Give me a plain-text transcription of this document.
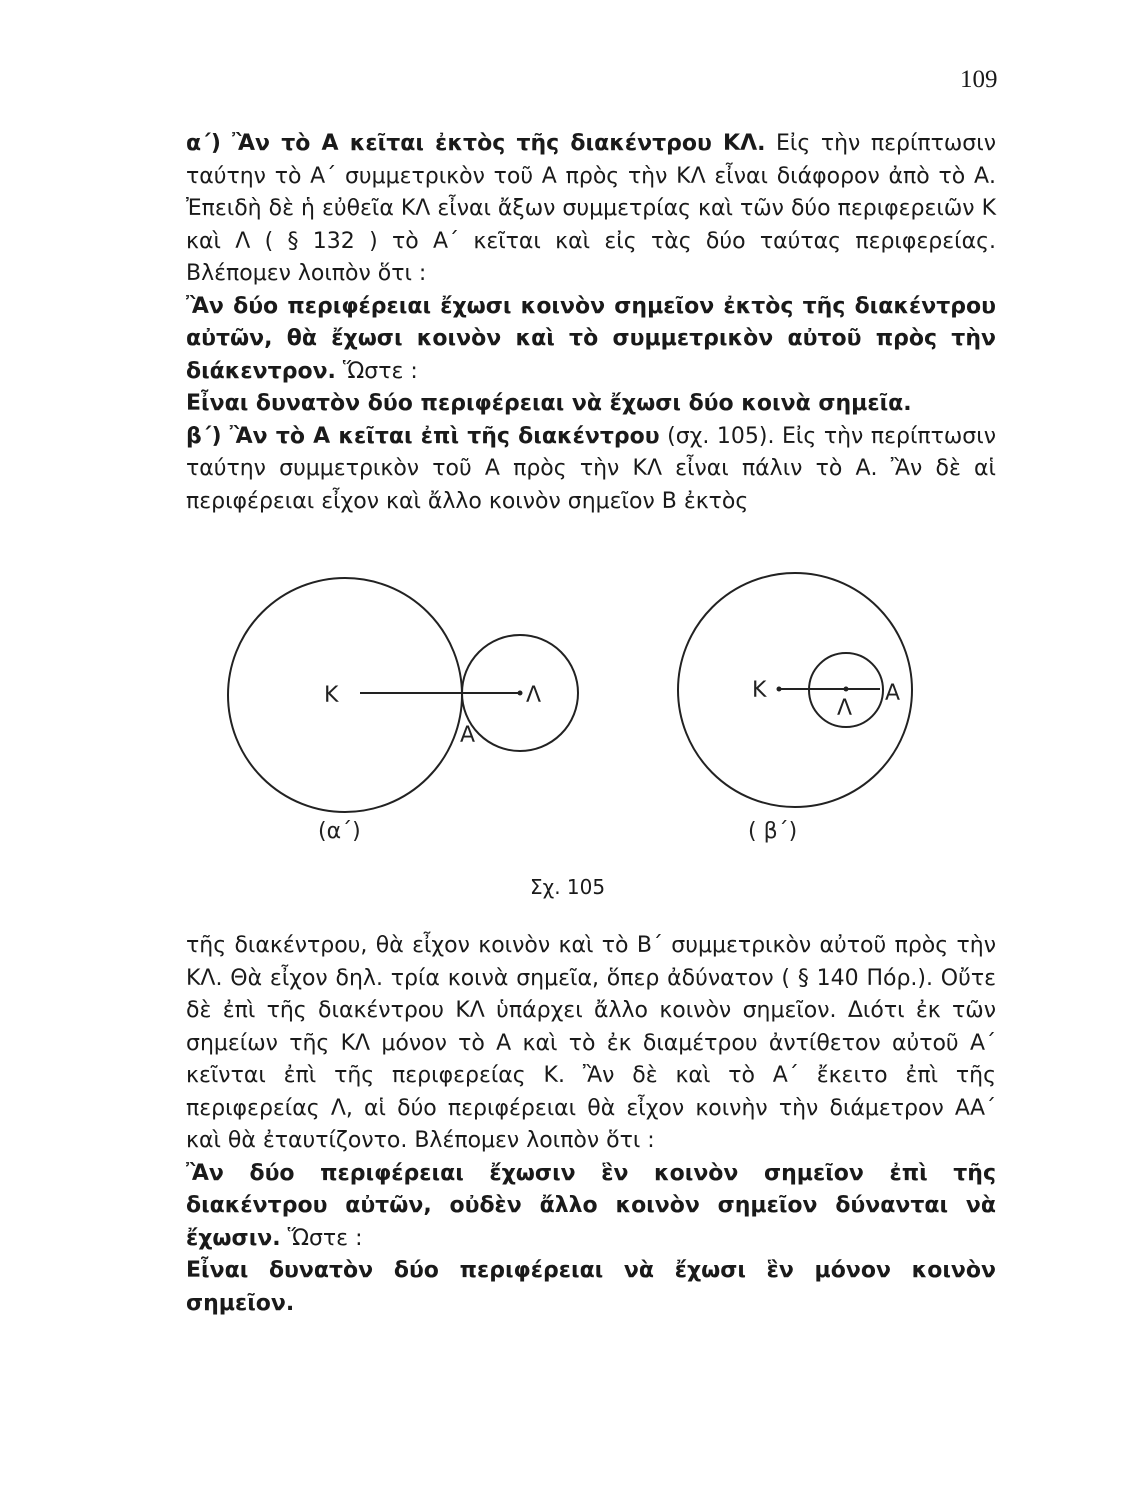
109

α΄) Ἂν τὸ Α κεῖται ἐκτὸς τῆς διακέντρου ΚΛ. Εἰς τὴν περίπτωσιν ταύτην τὸ Α΄ συμμετρικὸν τοῦ Α πρὸς τὴν ΚΛ εἶναι διάφορον ἀπὸ τὸ Α. Ἐπειδὴ δὲ ἡ εὐθεῖα ΚΛ εἶναι ἄξων συμμετρίας καὶ τῶν δύο περιφερειῶν Κ καὶ Λ ( § 132 ) τὸ Α΄ κεῖται καὶ εἰς τὰς δύο ταύτας περιφερείας. Βλέπομεν λοιπὸν ὅτι :

Ἂν δύο περιφέρειαι ἔχωσι κοινὸν σημεῖον ἐκτὸς τῆς διακέντρου αὐτῶν, θὰ ἔχωσι κοινὸν καὶ τὸ συμμετρικὸν αὐτοῦ πρὸς τὴν διάκεντρον. Ὥστε :

Εἶναι δυνατὸν δύο περιφέρειαι νὰ ἔχωσι δύο κοινὰ σημεῖα.

β΄) Ἂν τὸ Α κεῖται ἐπὶ τῆς διακέντρου (σχ. 105). Εἰς τὴν περίπτωσιν ταύτην συμμετρικὸν τοῦ Α πρὸς τὴν ΚΛ εἶναι πάλιν τὸ Α. Ἂν δὲ αἱ περιφέρειαι εἶχον καὶ ἄλλο κοινὸν σημεῖον Β ἐκτὸς

Κ	Λ
Α
(α΄)
Κ
Λ
Α
( β΄)
Σχ. 105

τῆς διακέντρου, θὰ εἶχον κοινὸν καὶ τὸ Β΄ συμμετρικὸν αὐτοῦ πρὸς τὴν ΚΛ. Θὰ εἶχον δηλ. τρία κοινὰ σημεῖα, ὅπερ ἀδύνατον ( § 140 Πόρ.). Οὔτε δὲ ἐπὶ τῆς διακέντρου ΚΛ ὑπάρχει ἄλλο κοινὸν σημεῖον. Διότι ἐκ τῶν σημείων τῆς ΚΛ μόνον τὸ Α καὶ τὸ ἐκ διαμέτρου ἀντίθετον αὐτοῦ Α΄ κεῖνται ἐπὶ τῆς περιφερείας Κ. Ἂν δὲ καὶ τὸ Α΄ ἔκειτο ἐπὶ τῆς περιφερείας Λ, αἱ δύο περιφέρειαι θὰ εἶχον κοινὴν τὴν διάμετρον ΑΑ΄ καὶ θὰ ἐταυτίζοντο. Βλέπομεν λοιπὸν ὅτι :

Ἂν δύο περιφέρειαι ἔχωσιν ἓν κοινὸν σημεῖον ἐπὶ τῆς διακέντρου αὐτῶν, οὐδὲν ἄλλο κοινὸν σημεῖον δύνανται νὰ ἔχωσιν. Ὥστε :

Εἶναι δυνατὸν δύο περιφέρειαι νὰ ἔχωσι ἓν μόνον κοινὸν σημεῖον.
